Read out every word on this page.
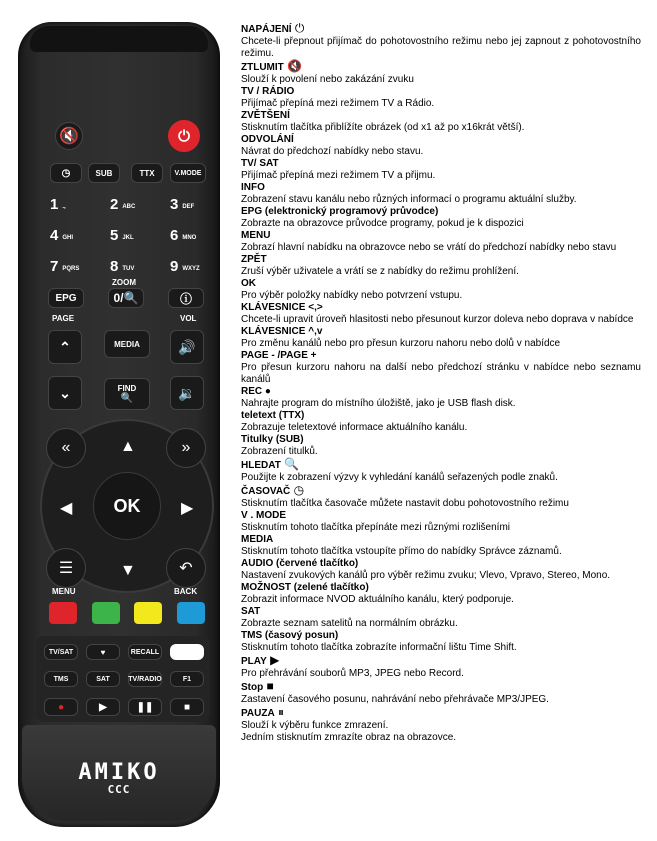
🔇	⏻
◷	SUB	TTX	V.MODE
1 .,	2 ABC 3 DEF
4 GHI 5 JKL 6 MNO
7 PQRS 8 TUV 9 WXYZ
EPG
ZOOM
0/ 🔍	ⓘ
PAGE	VOL
⌃	MEDIA	🔊
⌄	FIND
🔍	🔉
«	»
☰	↶
▲
▼
◀	▶
OK
MENU	BACK
TV/SAT	♥	RECALL
TMS	SAT	TV/RADIO	F1
●	▶	❚❚	■
AMIKO
CCC
NAPÁJENÍ ⏻
Chcete-li přepnout přijímač do pohotovostního režimu nebo jej zapnout z pohotovostního režimu.
ZTLUMIT 🔇
Slouží k povolení nebo zakázání zvuku
TV / RÁDIO
Přijímač přepíná mezi režimem TV a Rádio.
ZVĚTŠENÍ
Stisknutím tlačítka přiblížíte obrázek (od x1 až po x16krát větší).
ODVOLÁNÍ
Návrat do předchozí nabídky nebo stavu.
TV/ SAT
Přijímač přepíná mezi režimem TV a přijmu.
INFO
Zobrazení stavu kanálu nebo různých informací o programu aktuální služby.
EPG (elektronický programový průvodce)
Zobrazte na obrazovce průvodce programy, pokud je k dispozici
MENU
Zobrazí hlavní nabídku na obrazovce nebo se vrátí do předchozí nabídky nebo stavu
ZPĚT
Zruší výběr uživatele a vrátí se z nabídky do režimu prohlížení.
OK
Pro výběr položky nabídky nebo potvrzení vstupu.
KLÁVESNICE <,>
Chcete-li upravit úroveň hlasitosti nebo přesunout kurzor doleva nebo doprava v nabídce
KLÁVESNICE ^,v
Pro změnu kanálů nebo pro přesun kurzoru nahoru nebo dolů v nabídce
PAGE - /PAGE +
Pro přesun kurzoru nahoru na další nebo předchozí stránku v nabídce nebo seznamu kanálů
REC ●
Nahrajte program do místního úložiště, jako je USB flash disk.
teletext (TTX)
Zobrazuje teletextové informace aktuálního kanálu.
Titulky (SUB)
Zobrazení titulků.
HLEDAT 🔍
Použijte k zobrazení výzvy k vyhledání kanálů seřazených podle znaků.
ČASOVAČ ◷
Stisknutím tlačítka časovače můžete nastavit dobu pohotovostního režimu
V . MODE
Stisknutím tohoto tlačítka přepínáte mezi různými rozlišeními
MEDIA
Stisknutím tohoto tlačítka vstoupíte přímo do nabídky Správce záznamů.
AUDIO (červené tlačítko)
Nastavení zvukových kanálů pro výběr režimu zvuku; Vlevo, Vpravo, Stereo, Mono.
MOŽNOST (zelené tlačítko)
Zobrazit informace NVOD aktuálního kanálu, který podporuje.
SAT
Zobrazte seznam satelitů na normálním obrázku.
TMS (časový posun)
Stisknutím tohoto tlačítka zobrazíte informační lištu Time Shift.
PLAY ▶
Pro přehrávání souborů MP3, JPEG nebo Record.
Stop ■
Zastavení časového posunu, nahrávání nebo přehrávače MP3/JPEG.
PAUZA ⏸
Slouží k výběru funkce zmrazení.
Jedním stisknutím zmrazíte obraz na obrazovce.
